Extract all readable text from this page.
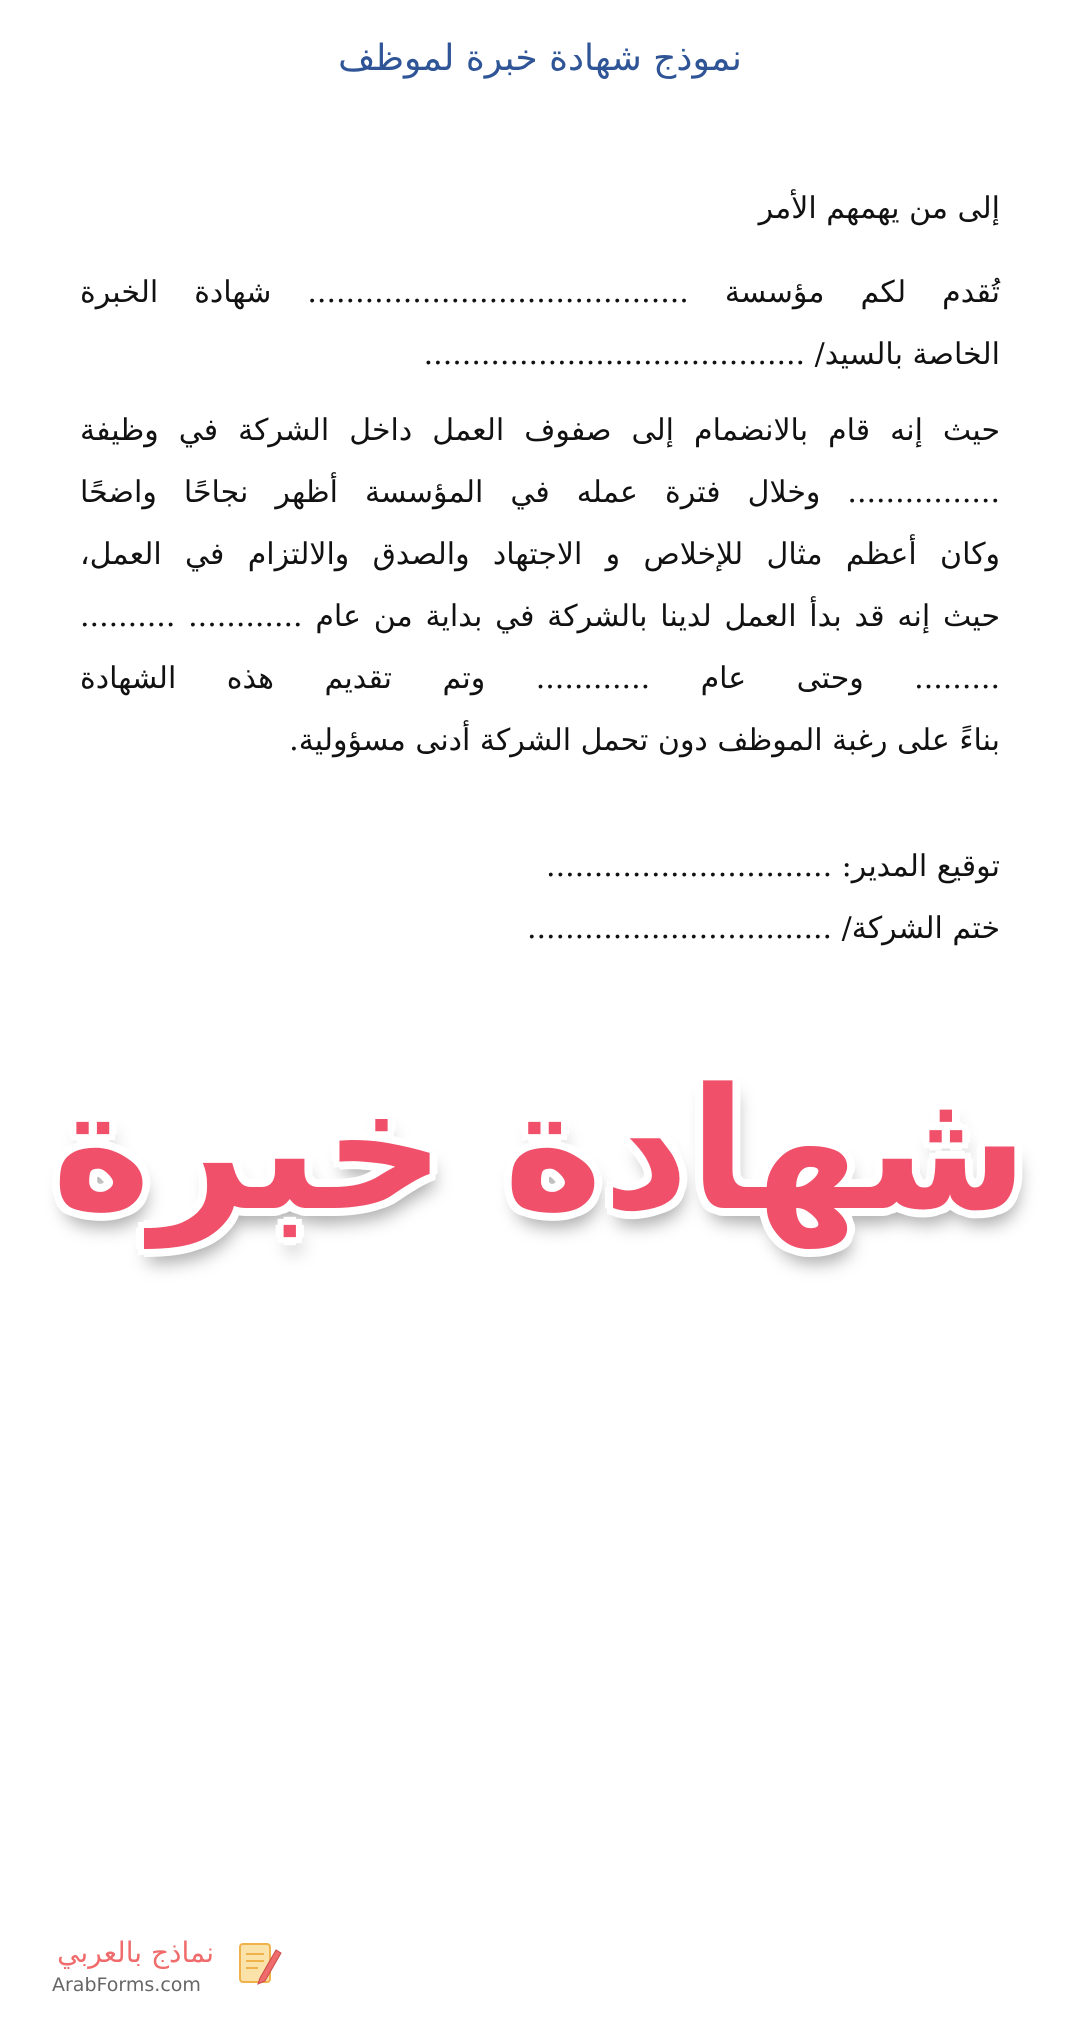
نموذج شهادة خبرة لموظف

إلى من يهمهم الأمر

تُقدم لكم مؤسسة ........................................ شهادة الخبرة
الخاصة بالسيد/ ........................................

حيث إنه قام بالانضمام إلى صفوف العمل داخل الشركة في وظيفة
................ وخلال فترة عمله في المؤسسة أظهر نجاحًا واضحًا
وكان أعظم مثال للإخلاص و الاجتهاد والصدق والالتزام في العمل،
حيث إنه قد بدأ العمل لدينا بالشركة في بداية من عام ............ ..........
......... وحتى عام ............ وتم تقديم هذه الشهادة
بناءً على رغبة الموظف دون تحمل الشركة أدنى مسؤولية.

توقيع المدير: ..............................
ختم الشركة/ ................................

شهادة خبرة
نماذج بالعربي
ArabForms.com
